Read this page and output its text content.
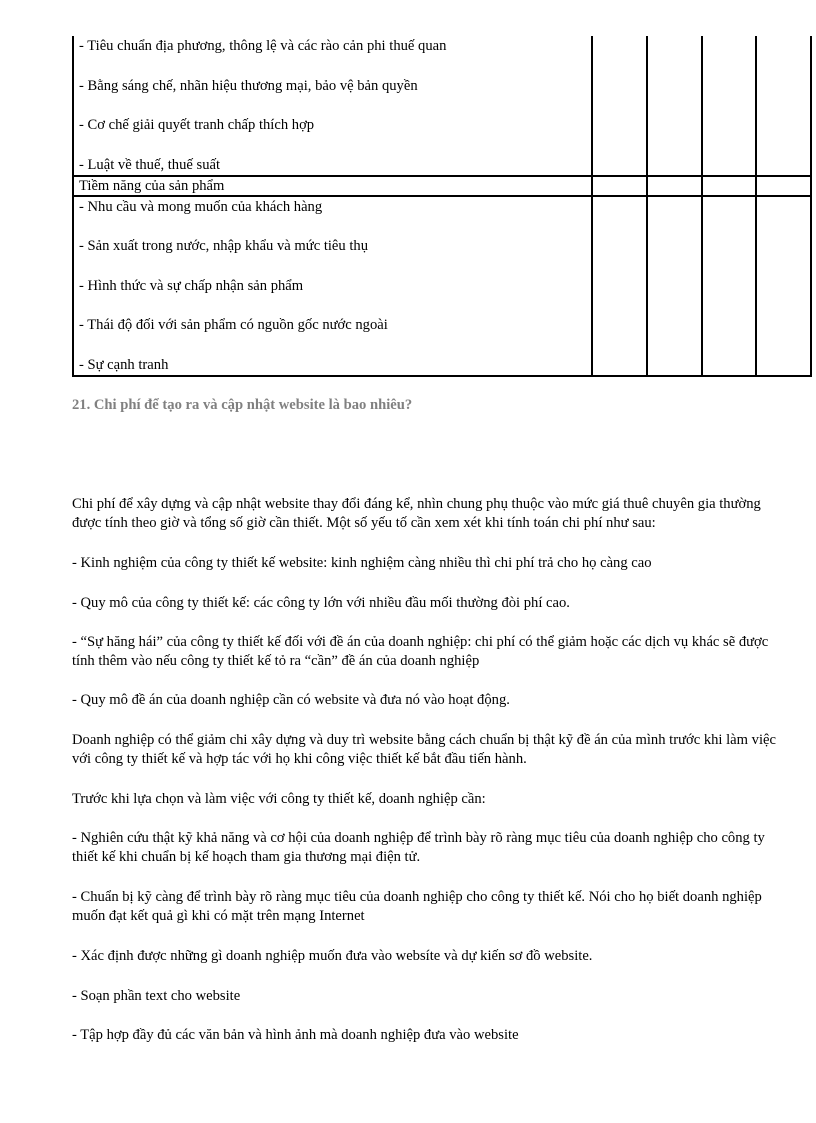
- Tiêu chuẩn địa phương, thông lệ và các rào cản phi thuế quan
- Bằng sáng chế, nhãn hiệu thương mại, bảo vệ bản quyền
- Cơ chế giải quyết tranh chấp thích hợp
- Luật về thuế, thuế suất				

Tiềm năng của sản phẩm				

- Nhu cầu và mong muốn của khách hàng
- Sản xuất trong nước, nhập khẩu và mức tiêu thụ
- Hình thức và sự chấp nhận sản phẩm
- Thái độ đối với sản phẩm có nguồn gốc nước ngoài
- Sự cạnh tranh				

21. Chi phí để tạo ra và cập nhật website là bao nhiêu?
Chi phí để xây dựng và cập nhật website thay đổi đáng kể, nhìn chung phụ thuộc vào mức giá thuê chuyên gia thường được tính theo giờ và tổng số giờ cần thiết. Một số yếu tố cần xem xét khi tính toán chi phí như sau:
- Kinh nghiệm của công ty thiết kế website: kinh nghiệm càng nhiều thì chi phí trả cho họ càng cao
- Quy mô của công ty thiết kế: các công ty lớn với nhiều đầu mối thường đòi phí cao.
- “Sự hăng hái” của công ty thiết kế đối với đề án của doanh nghiệp: chi phí có thể giảm hoặc các dịch vụ khác sẽ được tính thêm vào nếu công ty thiết kế tỏ ra “cần” đề án của doanh nghiệp
- Quy mô đề án của doanh nghiệp cần có website và đưa nó vào hoạt động.
Doanh nghiệp có thể giảm chi xây dựng và duy trì website bằng cách chuẩn bị thật kỹ đề án của mình trước khi làm việc với công ty thiết kế và hợp tác với họ khi công việc thiết kế bắt đầu tiến hành.
Trước khi lựa chọn và làm việc với công ty thiết kế, doanh nghiệp cần:
- Nghiên cứu thật kỹ khả năng và cơ hội của doanh nghiệp để trình bày rõ ràng mục tiêu của doanh nghiệp cho công ty thiết kế khi chuẩn bị kế hoạch tham gia thương mại điện tử.
- Chuẩn bị kỹ càng để trình bày rõ ràng mục tiêu của doanh nghiệp cho công ty thiết kế. Nói cho họ biết doanh nghiệp muốn đạt kết quả gì khi có mặt trên mạng Internet
- Xác định được những gì doanh nghiệp muốn đưa vào websíte và dự kiến sơ đồ website.
- Soạn phần text cho website
- Tập hợp đầy đủ các văn bản và hình ảnh mà doanh nghiệp đưa vào website
